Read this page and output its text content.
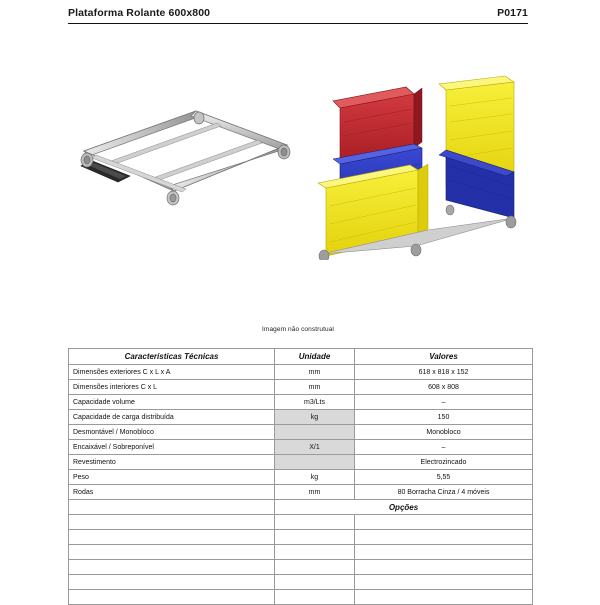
Plataforma Rolante 600x800	P0171
Imagem não construtual
Características Técnicas	Unidade	Valores
Dimensões exteriores C x L x A	mm	618 x 818 x 152
Dimensões interiores C x L	mm	608 x 808
Capacidade volume	m3/Lts	–
Capacidade de carga distribuída	kg	150
Desmontável / Monobloco		Monobloco
Encaixável / Sobreponível	X/1	–
Revestimento		Electrozincado
Peso	kg	5,55
Rodas	mm	80 Borracha Cinza / 4 móveis
	Opções	
